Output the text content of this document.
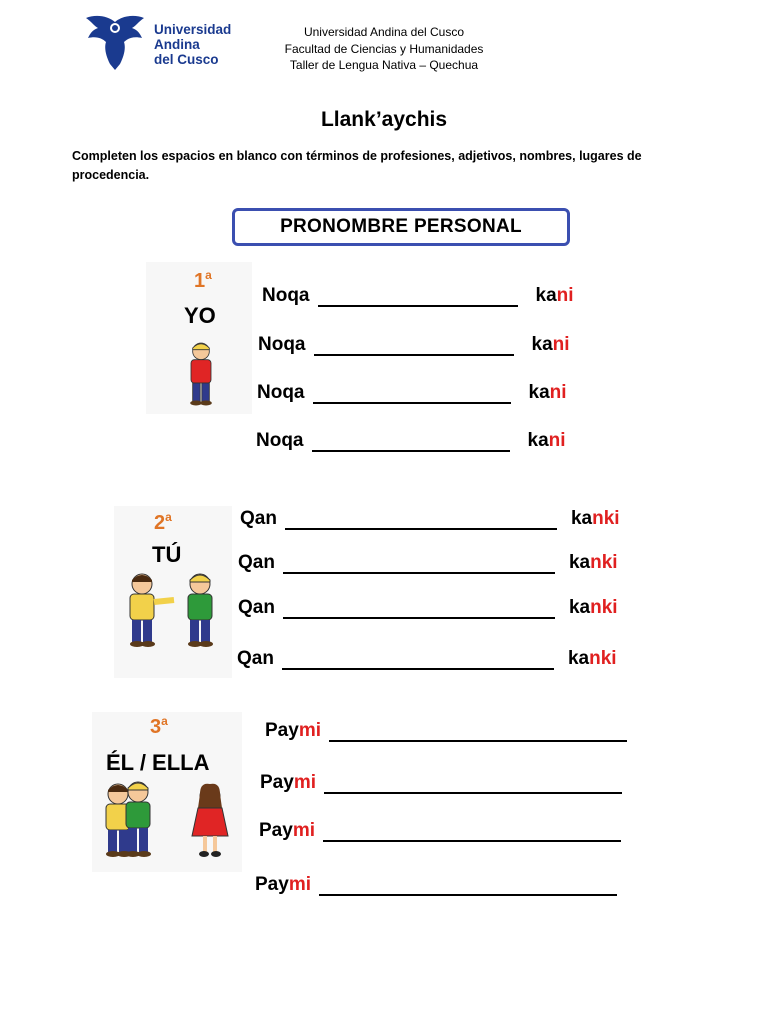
Universidad
Andina
del Cusco
Universidad Andina del Cusco
Facultad de Ciencias y Humanidades
Taller de Lengua Nativa – Quechua
Llank’aychis
Completen los espacios en blanco con términos de profesiones, adjetivos, nombres, lugares de procedencia.
PRONOMBRE PERSONAL
1$^a$
YO
Noqa	kani
Noqa	kani
Noqa	kani
Noqa	kani
2$^a$
TÚ
Qan	kanki
Qan	kanki
Qan	kanki
Qan	kanki
3$^a$
ÉL / ELLA
Paymi
Paymi
Paymi
Paymi
